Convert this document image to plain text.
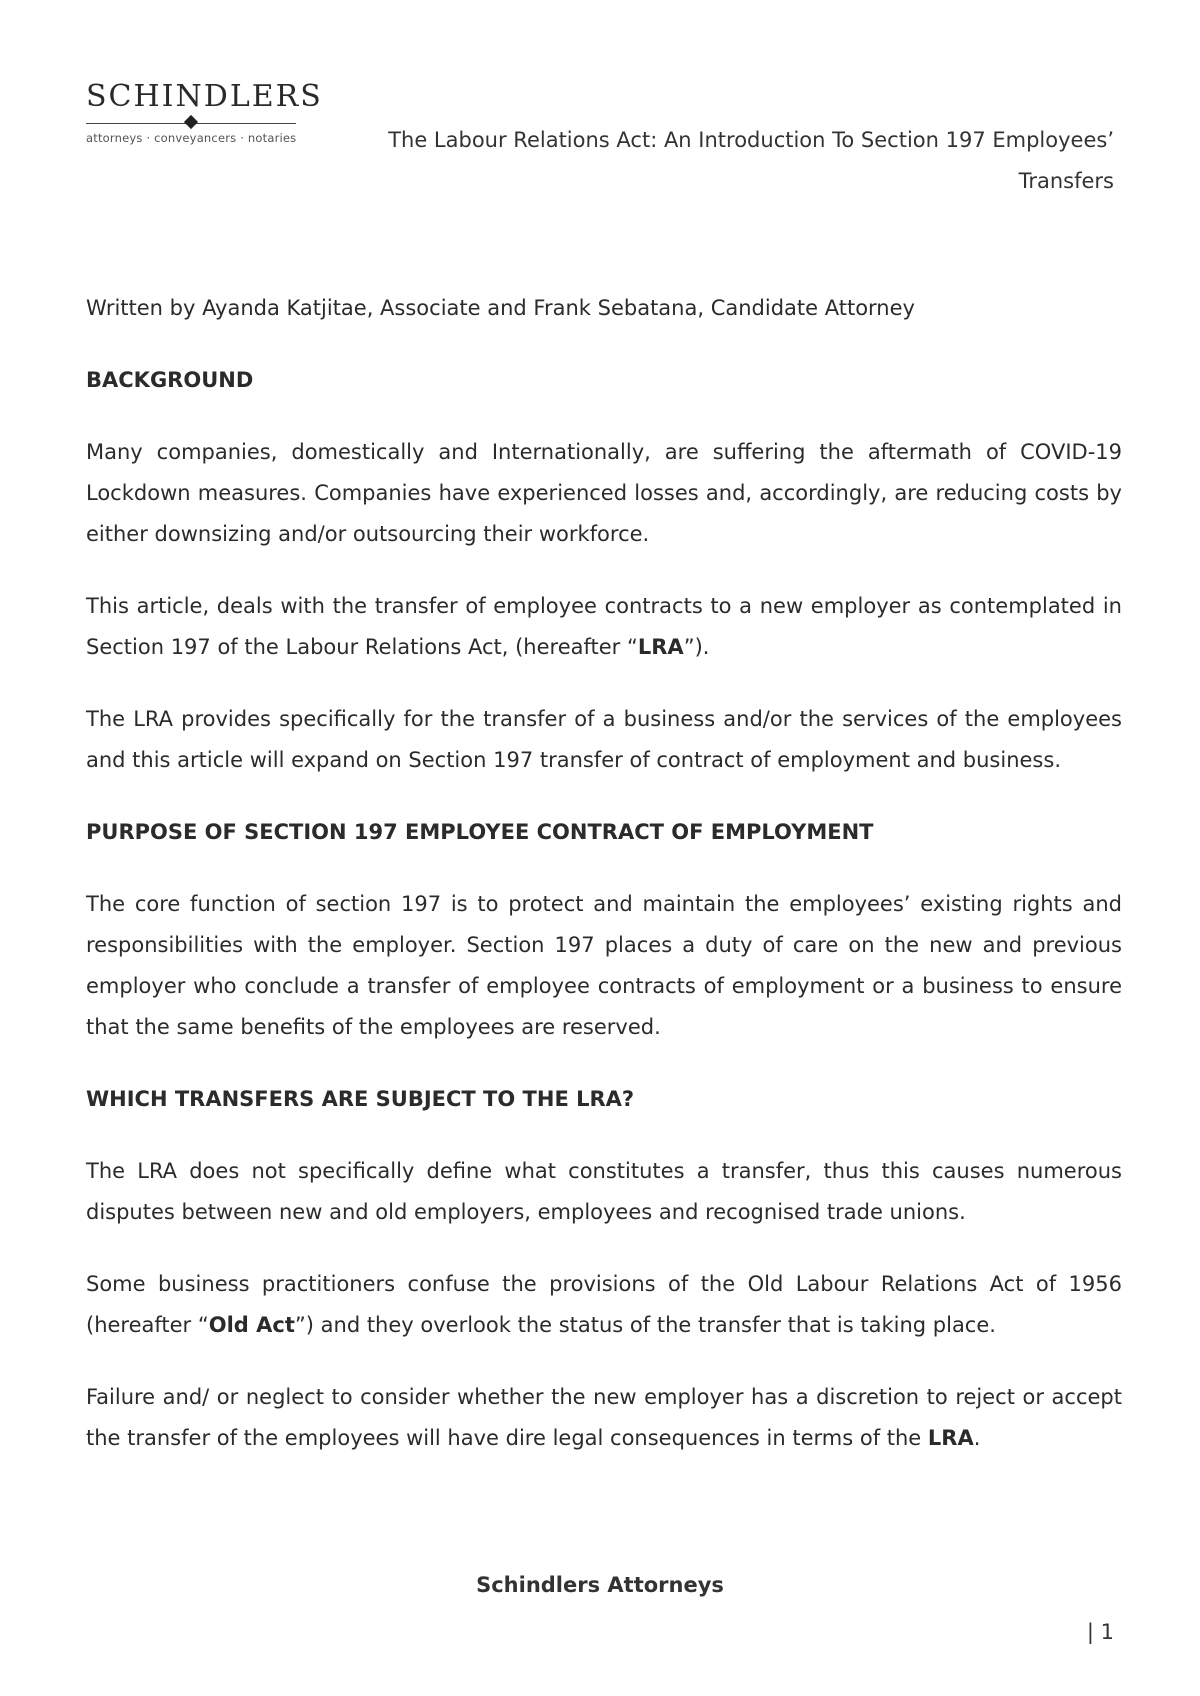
SCHINDLERS
attorneys · conveyancers · notaries	The Labour Relations Act: An Introduction To Section 197 Employees’ Transfers

Written by Ayanda Katjitae, Associate and Frank Sebatana, Candidate Attorney

BACKGROUND

Many companies, domestically and Internationally, are suffering the aftermath of COVID-19 Lockdown measures. Companies have experienced losses and, accordingly, are reducing costs by either downsizing and/or outsourcing their workforce.

This article, deals with the transfer of employee contracts to a new employer as contemplated in Section 197 of the Labour Relations Act, (hereafter “LRA”).

The LRA provides specifically for the transfer of a business and/or the services of the employees and this article will expand on Section 197 transfer of contract of employment and business.

PURPOSE OF SECTION 197 EMPLOYEE CONTRACT OF EMPLOYMENT

The core function of section 197 is to protect and maintain the employees’ existing rights and responsibilities with the employer. Section 197 places a duty of care on the new and previous employer who conclude a transfer of employee contracts of employment or a business to ensure that the same benefits of the employees are reserved.

WHICH TRANSFERS ARE SUBJECT TO THE LRA?

The LRA does not specifically define what constitutes a transfer, thus this causes numerous disputes between new and old employers, employees and recognised trade unions.

Some business practitioners confuse the provisions of the Old Labour Relations Act of 1956 (hereafter “Old Act”) and they overlook the status of the transfer that is taking place.

Failure and/ or neglect to consider whether the new employer has a discretion to reject or accept the transfer of the employees will have dire legal consequences in terms of the LRA.

Schindlers Attorneys
| 1
